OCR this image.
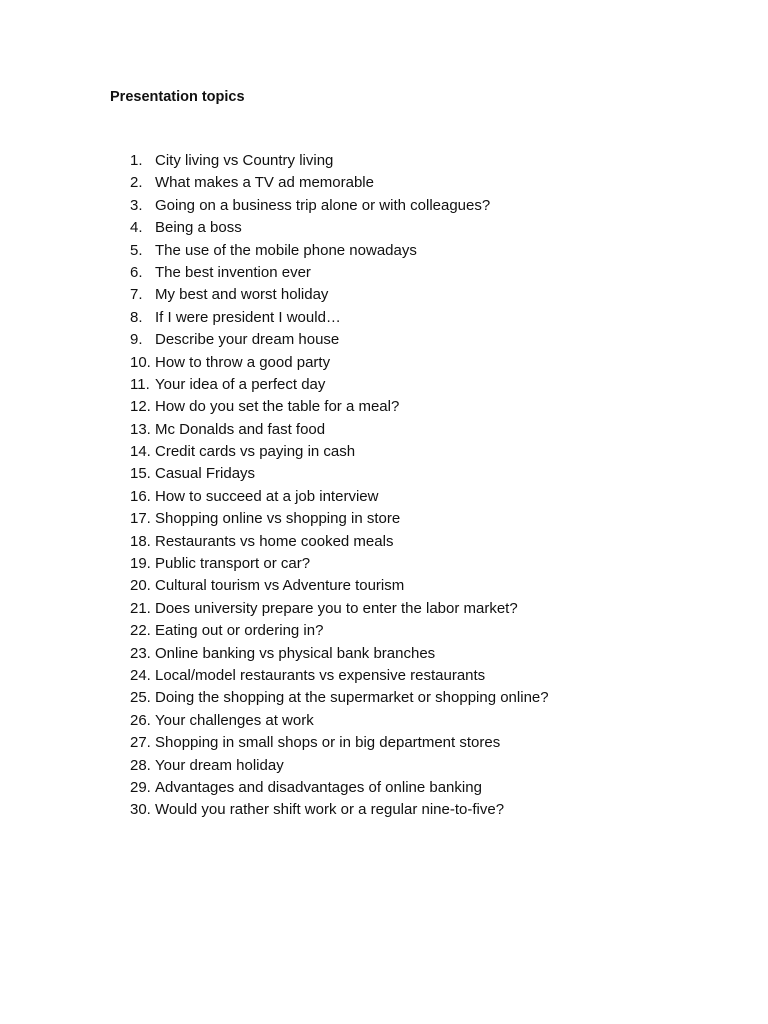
Presentation topics
1. City living vs Country living
2. What makes a TV ad memorable
3. Going on a business trip alone or with colleagues?
4. Being a boss
5. The use of the mobile phone nowadays
6. The best invention ever
7. My best and worst holiday
8. If I were president I would…
9. Describe your dream house
10. How to throw a good party
11. Your idea of a perfect day
12. How do you set the table for a meal?
13. Mc Donalds and fast food
14. Credit cards vs paying in cash
15. Casual Fridays
16. How to succeed at a job interview
17. Shopping online vs shopping in store
18. Restaurants vs home cooked meals
19. Public transport or car?
20. Cultural tourism vs Adventure tourism
21. Does university prepare you to enter the labor market?
22. Eating out or ordering in?
23. Online banking vs physical bank branches
24. Local/model restaurants vs expensive restaurants
25. Doing the shopping at the supermarket or shopping online?
26. Your challenges at work
27. Shopping in small shops or in big department stores
28. Your dream holiday
29. Advantages and disadvantages of online banking
30. Would you rather shift work or a regular nine-to-five?
